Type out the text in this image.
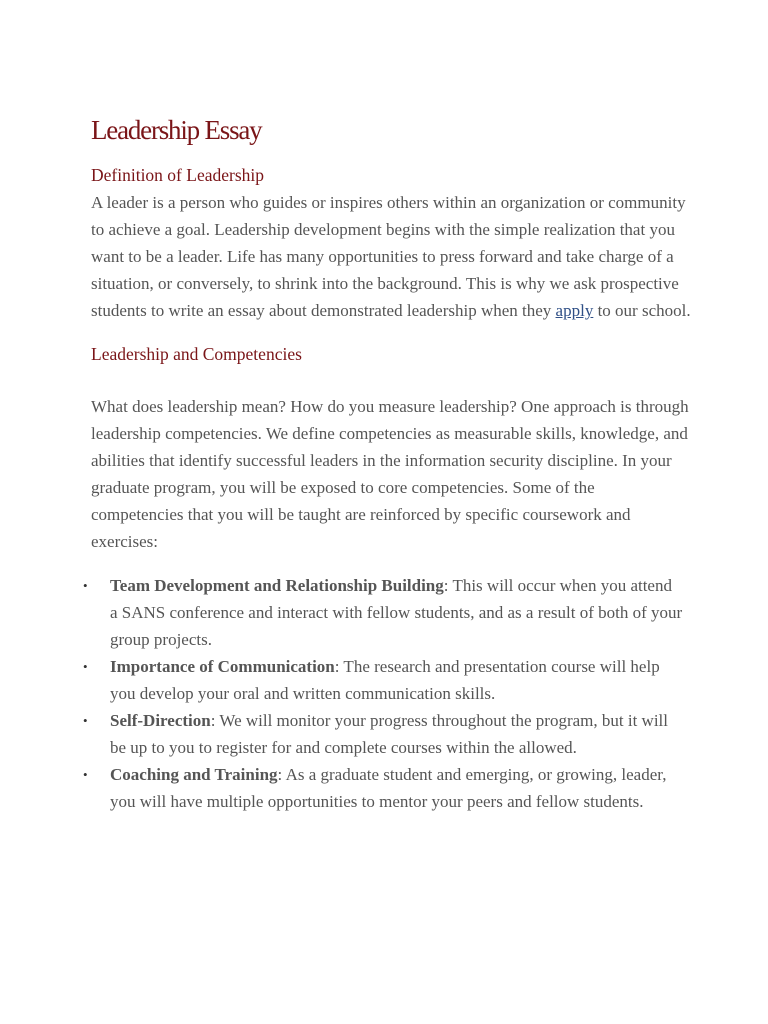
Leadership Essay
Definition of Leadership

A leader is a person who guides or inspires others within an organization or community to achieve a goal. Leadership development begins with the simple realization that you want to be a leader. Life has many opportunities to press forward and take charge of a situation, or conversely, to shrink into the background. This is why we ask prospective students to write an essay about demonstrated leadership when they apply to our school.

Leadership and Competencies

What does leadership mean? How do you measure leadership? One approach is through leadership competencies. We define competencies as measurable skills, knowledge, and abilities that identify successful leaders in the information security discipline. In your graduate program, you will be exposed to core competencies. Some of the competencies that you will be taught are reinforced by specific coursework and exercises:

•	Team Development and Relationship Building: This will occur when you attend a SANS conference and interact with fellow students, and as a result of both of your group projects.
•	Importance of Communication: The research and presentation course will help you develop your oral and written communication skills.
•	Self-Direction: We will monitor your progress throughout the program, but it will be up to you to register for and complete courses within the allowed.
•	Coaching and Training: As a graduate student and emerging, or growing, leader, you will have multiple opportunities to mentor your peers and fellow students.
